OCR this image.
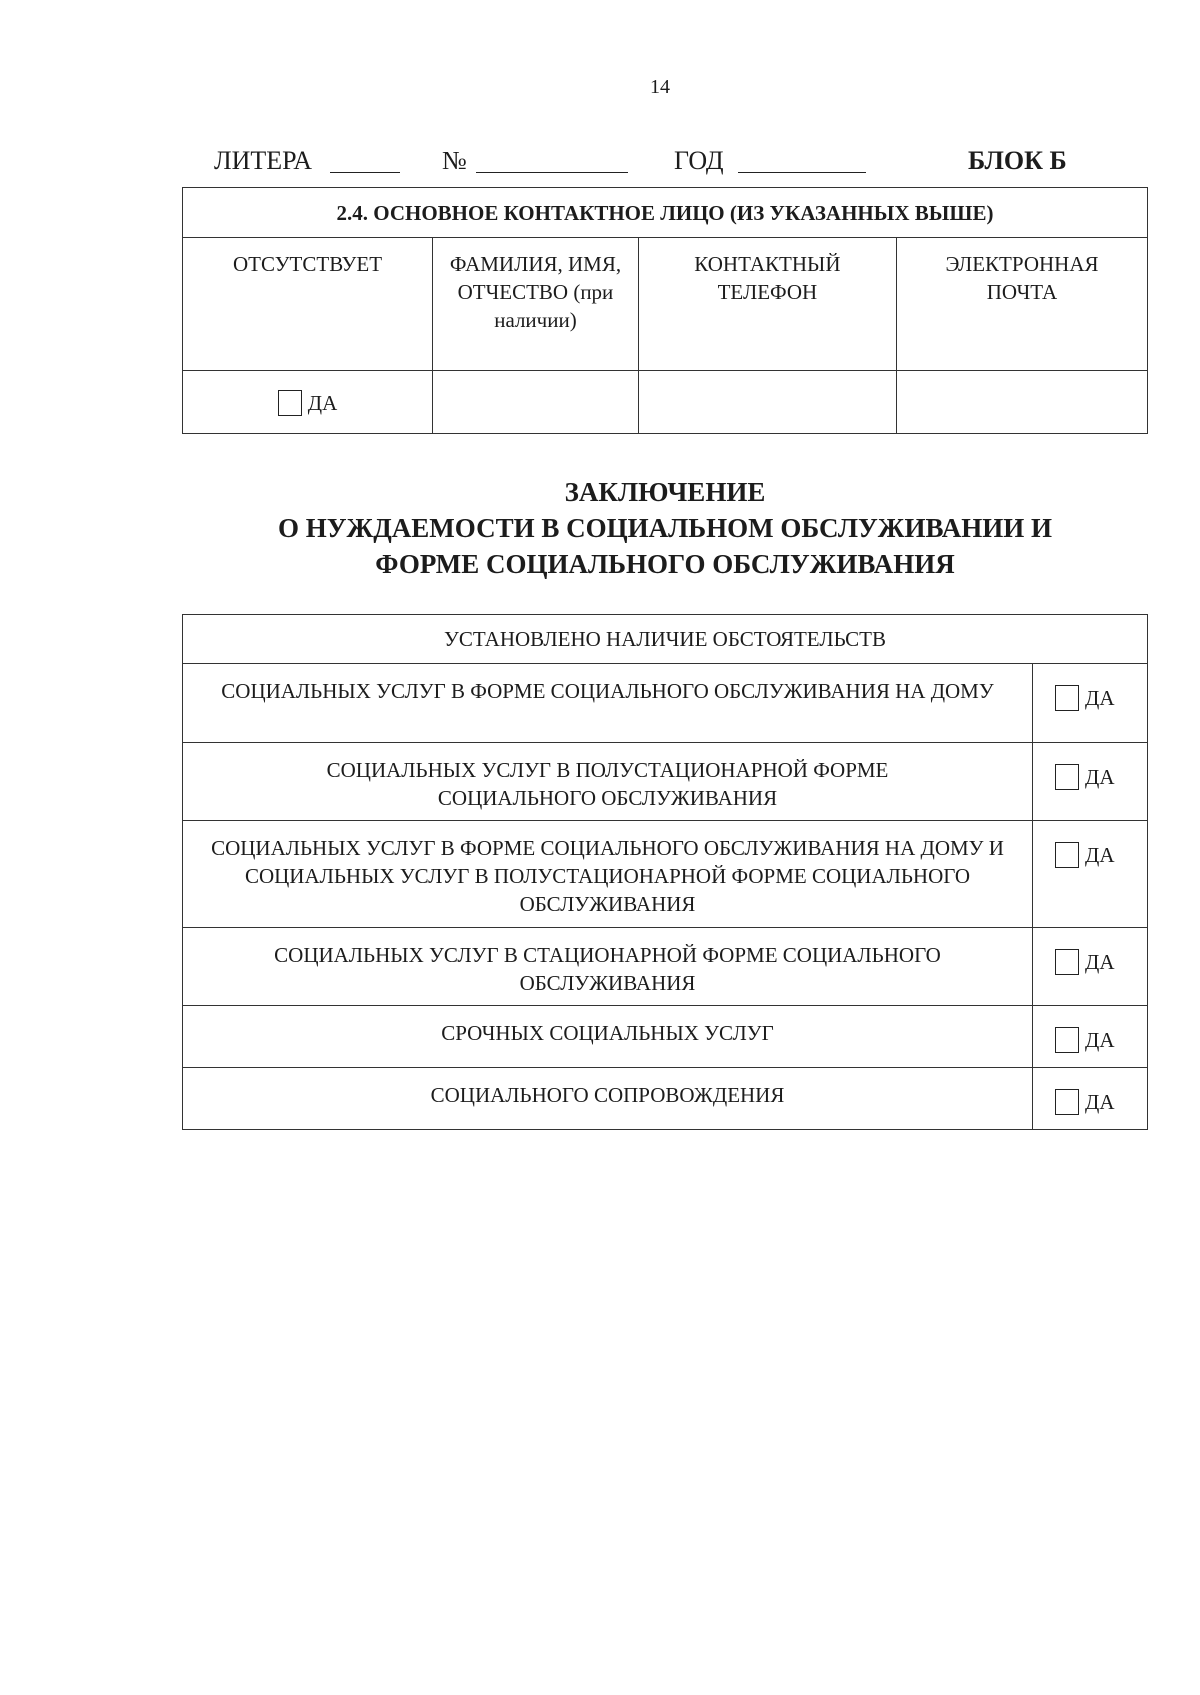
14
ЛИТЕРА	№	ГОД	БЛОК Б
2.4. ОСНОВНОЕ КОНТАКТНОЕ ЛИЦО (ИЗ УКАЗАННЫХ ВЫШЕ)			
ОТСУТСТВУЕТ	ФАМИЛИЯ, ИМЯ, ОТЧЕСТВО (при наличии)	КОНТАКТНЫЙ ТЕЛЕФОН	ЭЛЕКТРОННАЯ ПОЧТА
ДА			
ЗАКЛЮЧЕНИЕ
О НУЖДАЕМОСТИ В СОЦИАЛЬНОМ ОБСЛУЖИВАНИИ И
ФОРМЕ СОЦИАЛЬНОГО ОБСЛУЖИВАНИЯ
УСТАНОВЛЕНО НАЛИЧИЕ ОБСТОЯТЕЛЬСТВ	
СОЦИАЛЬНЫХ УСЛУГ В ФОРМЕ СОЦИАЛЬНОГО ОБСЛУЖИВАНИЯ НА ДОМУ	ДА
СОЦИАЛЬНЫХ УСЛУГ В ПОЛУСТАЦИОНАРНОЙ ФОРМЕ СОЦИАЛЬНОГО ОБСЛУЖИВАНИЯ	ДА
СОЦИАЛЬНЫХ УСЛУГ В ФОРМЕ СОЦИАЛЬНОГО ОБСЛУЖИВАНИЯ НА ДОМУ И СОЦИАЛЬНЫХ УСЛУГ В ПОЛУСТАЦИОНАРНОЙ ФОРМЕ СОЦИАЛЬНОГО ОБСЛУЖИВАНИЯ	ДА
СОЦИАЛЬНЫХ УСЛУГ В СТАЦИОНАРНОЙ ФОРМЕ СОЦИАЛЬНОГО ОБСЛУЖИВАНИЯ	ДА
СРОЧНЫХ СОЦИАЛЬНЫХ УСЛУГ	ДА
СОЦИАЛЬНОГО СОПРОВОЖДЕНИЯ	ДА
